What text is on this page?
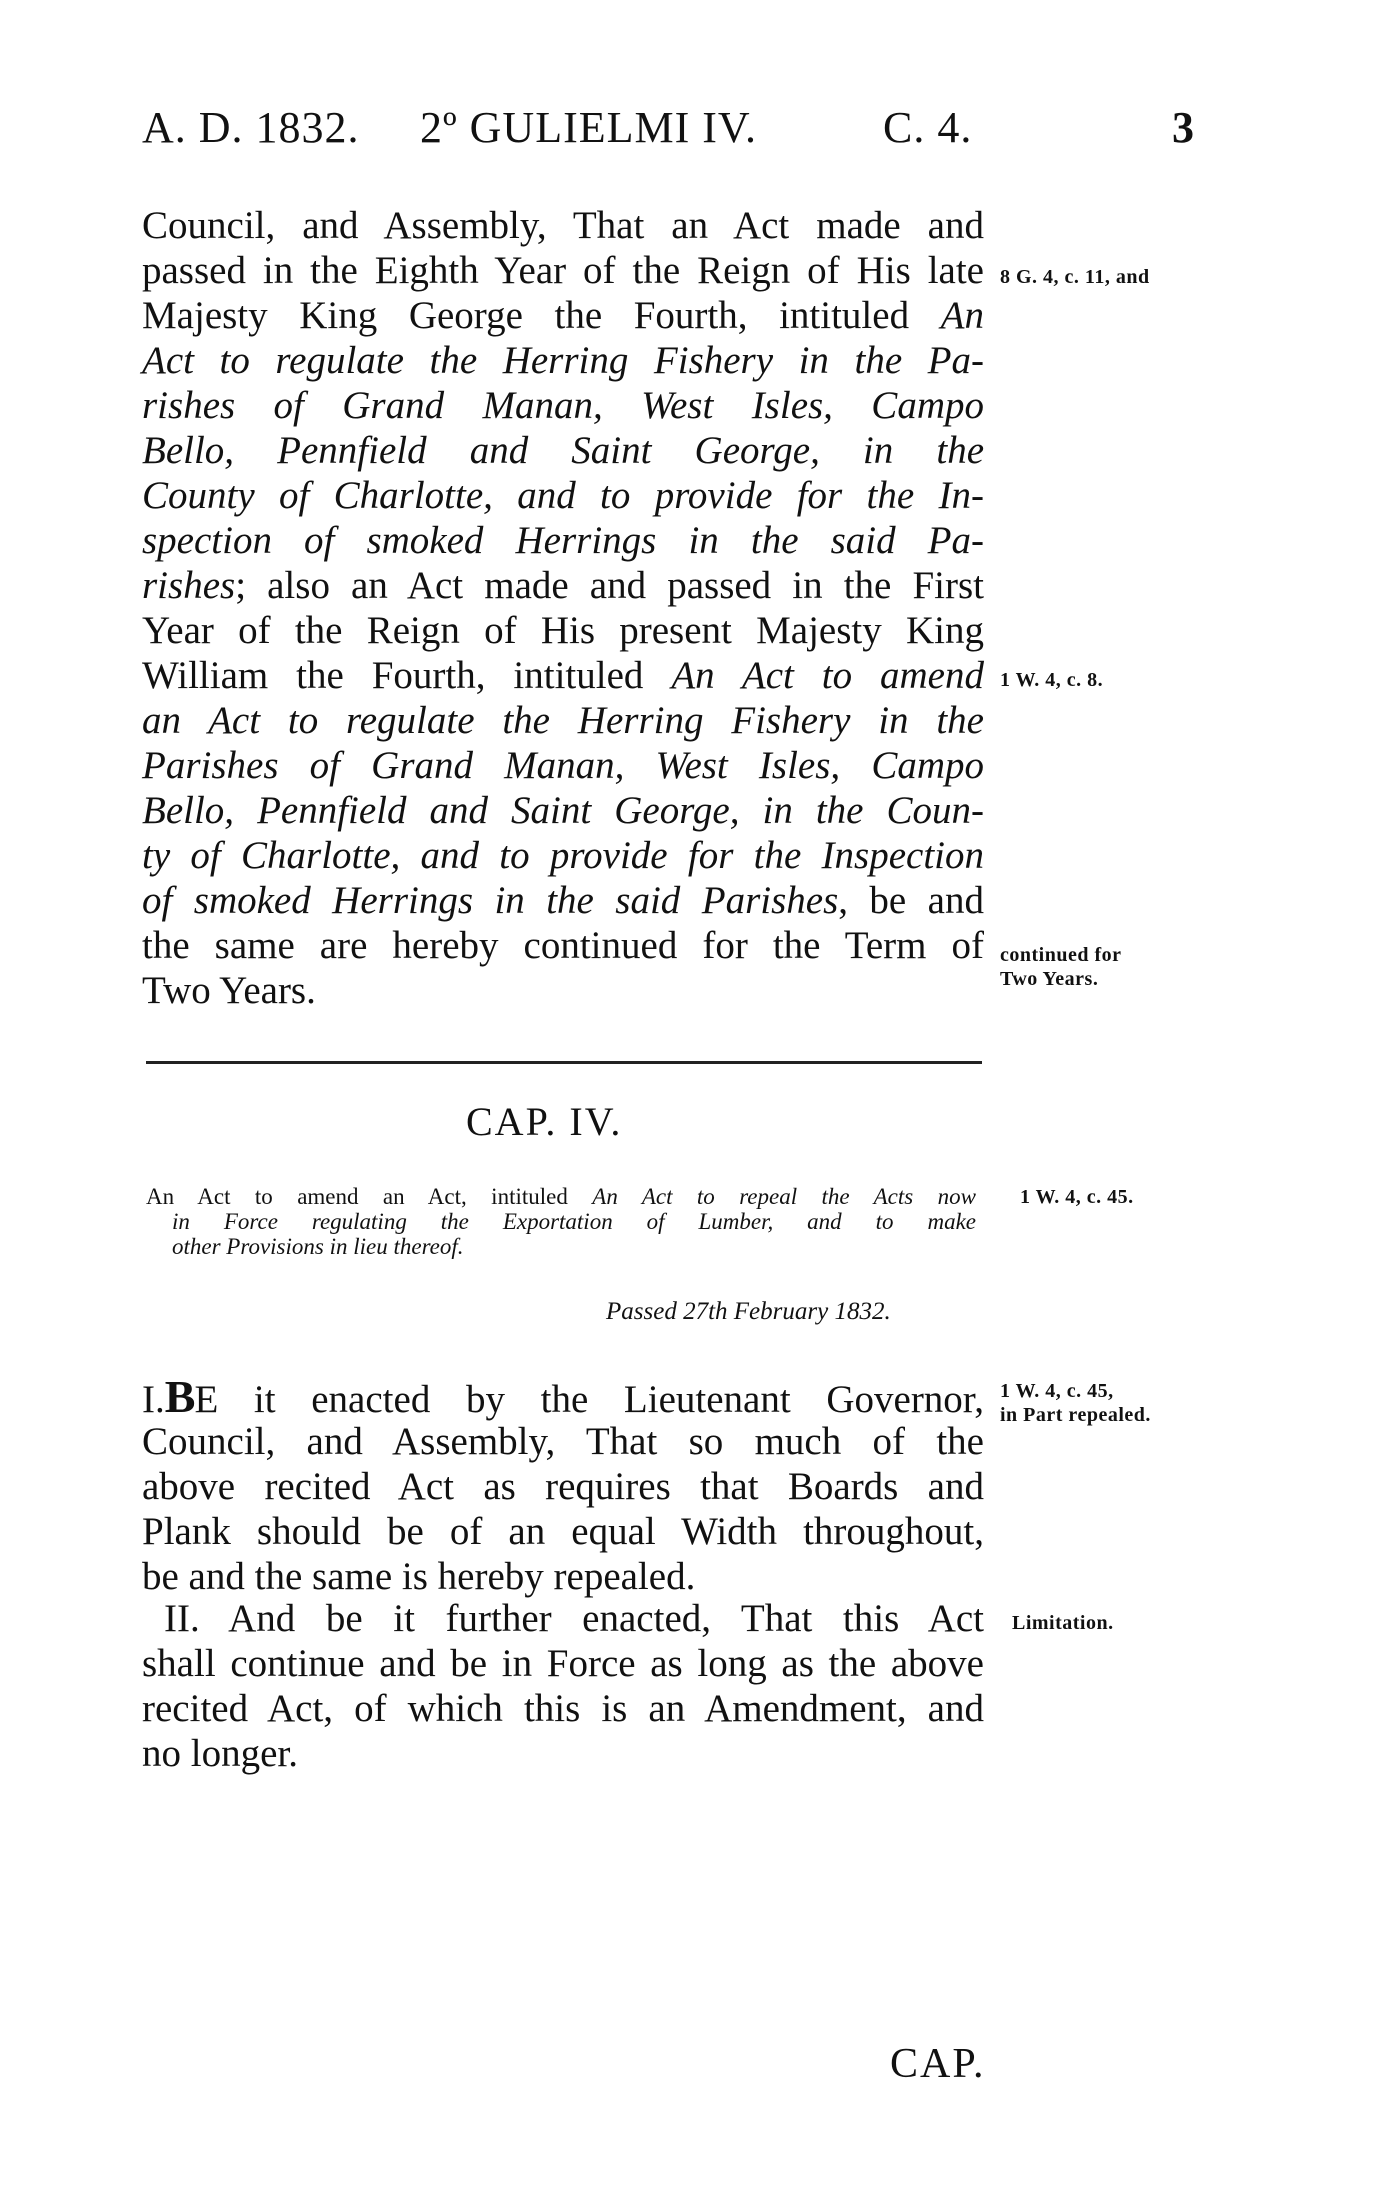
A. D. 1832. 2º GULIELMI IV.	C. 4.	3
Council, and Assembly, That an Act made and
passed in the Eighth Year of the Reign of His late
Majesty King George the Fourth, intituled An
Act to regulate the Herring Fishery in the Pa-
rishes of Grand Manan, West Isles, Campo
Bello, Pennfield and Saint George, in the
County of Charlotte, and to provide for the In-
spection of smoked Herrings in the said Pa-
rishes; also an Act made and passed in the First
Year of the Reign of His present Majesty King
William the Fourth, intituled An Act to amend
an Act to regulate the Herring Fishery in the
Parishes of Grand Manan, West Isles, Campo
Bello, Pennfield and Saint George, in the Coun-
ty of Charlotte, and to provide for the Inspection
of smoked Herrings in the said Parishes, be and
the same are hereby continued for the Term of
Two Years.
8 G. 4, c. 11, and
1 W. 4, c. 8.
continued for
Two Years.
CAP. IV.
An Act to amend an Act, intituled An Act to repeal the Acts now
in Force regulating the Exportation of Lumber, and to make
other Provisions in lieu thereof.
1 W. 4, c. 45.
Passed 27th February 1832.
I.BE it enacted by the Lieutenant Governor,
Council, and Assembly, That so much of the
above recited Act as requires that Boards and
Plank should be of an equal Width throughout,
be and the same is hereby repealed.
1 W. 4, c. 45,
in Part repealed.
II. And be it further enacted, That this Act
shall continue and be in Force as long as the above
recited Act, of which this is an Amendment, and
no longer.
Limitation.
CAP.
